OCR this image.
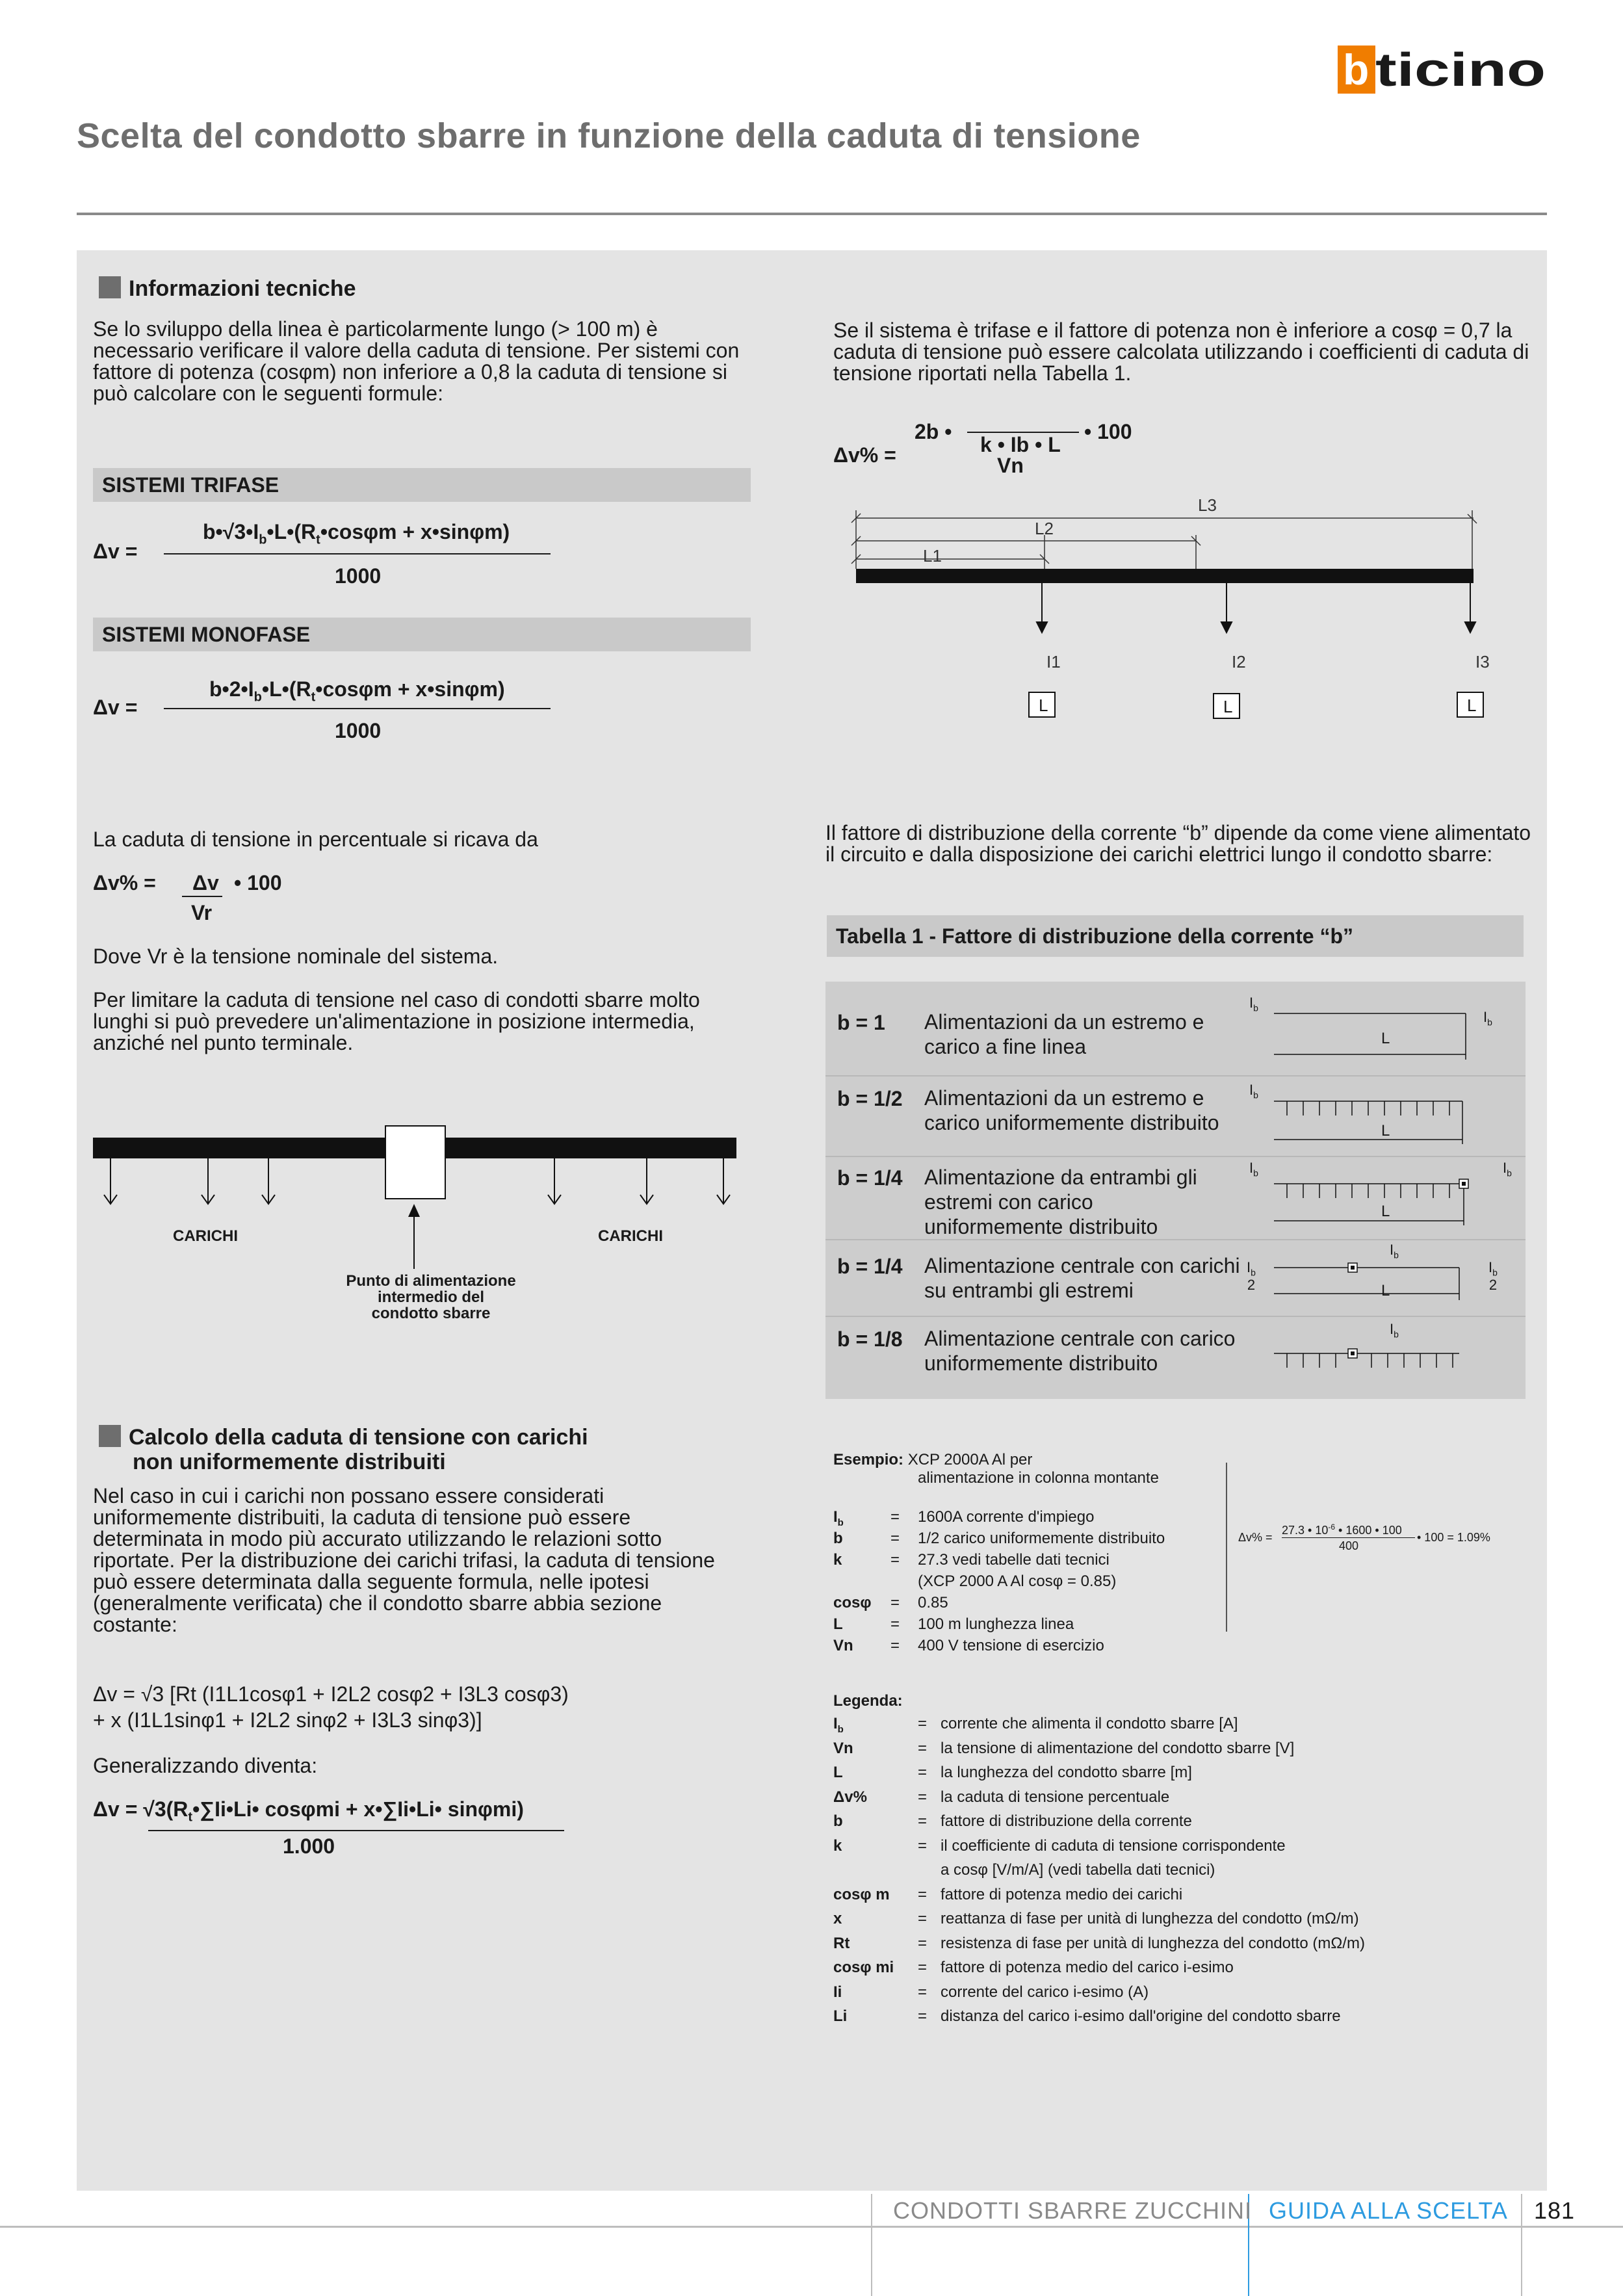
b ticino
Scelta del condotto sbarre in funzione della caduta di tensione
Informazioni tecniche
Se lo sviluppo della linea è particolarmente lungo (> 100 m) è necessario verificare il valore della caduta di tensione. Per sistemi con fattore di potenza (cosφm) non inferiore a 0,8 la caduta di tensione si può calcolare con le seguenti formule:
SISTEMI TRIFASE
Δv =
$b•√3•I_b•L•(R_t•\cos\varphi m$ + x•sinφm)
1000
SISTEMI MONOFASE
Δv =
$b•2•I_b•L•(R_t•\cos\varphi m$ + x•sinφm)
1000
La caduta di tensione in percentuale si ricava da
Δv% = Δv • 100
Vr
Dove Vr è la tensione nominale del sistema.
Per limitare la caduta di tensione nel caso di condotti sbarre molto lunghi si può prevedere un'alimentazione in posizione intermedia, anziché nel punto terminale.
CARICHI	CARICHI
Punto di alimentazione
intermedio del
condotto sbarre
Calcolo della caduta di tensione con carichi
non uniformemente distribuiti
Nel caso in cui i carichi non possano essere considerati uniformemente distribuiti, la caduta di tensione può essere determinata in modo più accurato utilizzando le relazioni sotto riportate. Per la distribuzione dei carichi trifasi, la caduta di tensione può essere determinata dalla seguente formula, nelle ipotesi (generalmente verificata) che il condotto sbarre abbia sezione costante:
Δv = √3 [Rt (I1L1cosφ1 + I2L2 cosφ2 + I3L3 cosφ3)
+ x (I1L1sinφ1 + I2L2 sinφ2 + I3L3 sinφ3)]
Generalizzando diventa:
$\Delta v = √3(R_t•\sum Ii•Li•$ cosφmi + x•∑Ii•Li• sinφmi)
1.000
Se il sistema è trifase e il fattore di potenza non è inferiore a cosφ = 0,7 la caduta di tensione può essere calcolata utilizzando i coefficienti di caduta di tensione riportati nella Tabella 1.
Δv% =
2b •
k • Ib • L
Vn
• 100
L1
L2
L3
I1	I2	I3
L	L	L
Il fattore di distribuzione della corrente “b” dipende da come viene alimentato il circuito e dalla disposizione dei carichi elettrici lungo il condotto sbarre:
Tabella 1 - Fattore di distribuzione della corrente “b”
b = 1 Alimentazioni da un estremo e carico a fine linea
b = 1/2 Alimentazioni da un estremo e carico uniformemente distribuito
b = 1/4 Alimentazione da entrambi gli estremi con carico uniformemente distribuito
b = 1/4 Alimentazione centrale con carichi su entrambi gli estremi
b = 1/8 Alimentazione centrale con carico uniformemente distribuito
$I_b$
$I_b$
L
$I_b$
L
$I_b$	$I_b$
L
$I_b$
$I_b$
2
$I_b$
2
L
$I_b$
Esempio: XCP 2000A Al per
alimentazione in colonna montante
$I_b$	= 1600A corrente d'impiego
b	= 1/2 carico uniformemente distribuito
k	= 27.3 vedi tabelle dati tecnici
(XCP 2000 A Al cosφ = 0.85)
cosφ = 0.85
L	= 100 m lunghezza linea
Vn = 400 V tensione di esercizio
Δv% =
27.3 • $10^{-6}$ • 1600 • 100
400
• 100 = 1.09%
Legenda:
$I_b$	= corrente che alimenta il condotto sbarre [A]
Vn	= la tensione di alimentazione del condotto sbarre [V]
L	= la lunghezza del condotto sbarre [m]
Δv%	= la caduta di tensione percentuale
b	= fattore di distribuzione della corrente
k	= il coefficiente di caduta di tensione corrispondente
a cosφ [V/m/A] (vedi tabella dati tecnici)
cosφ m = fattore di potenza medio dei carichi
x	= reattanza di fase per unità di lunghezza del condotto (mΩ/m)
Rt	= resistenza di fase per unità di lunghezza del condotto (mΩ/m)
cosφ mi = fattore di potenza medio del carico i-esimo
Ii	= corrente del carico i-esimo (A)
Li	= distanza del carico i-esimo dall'origine del condotto sbarre
CONDOTTI SBARRE ZUCCHINI GUIDA ALLA SCELTA 181
